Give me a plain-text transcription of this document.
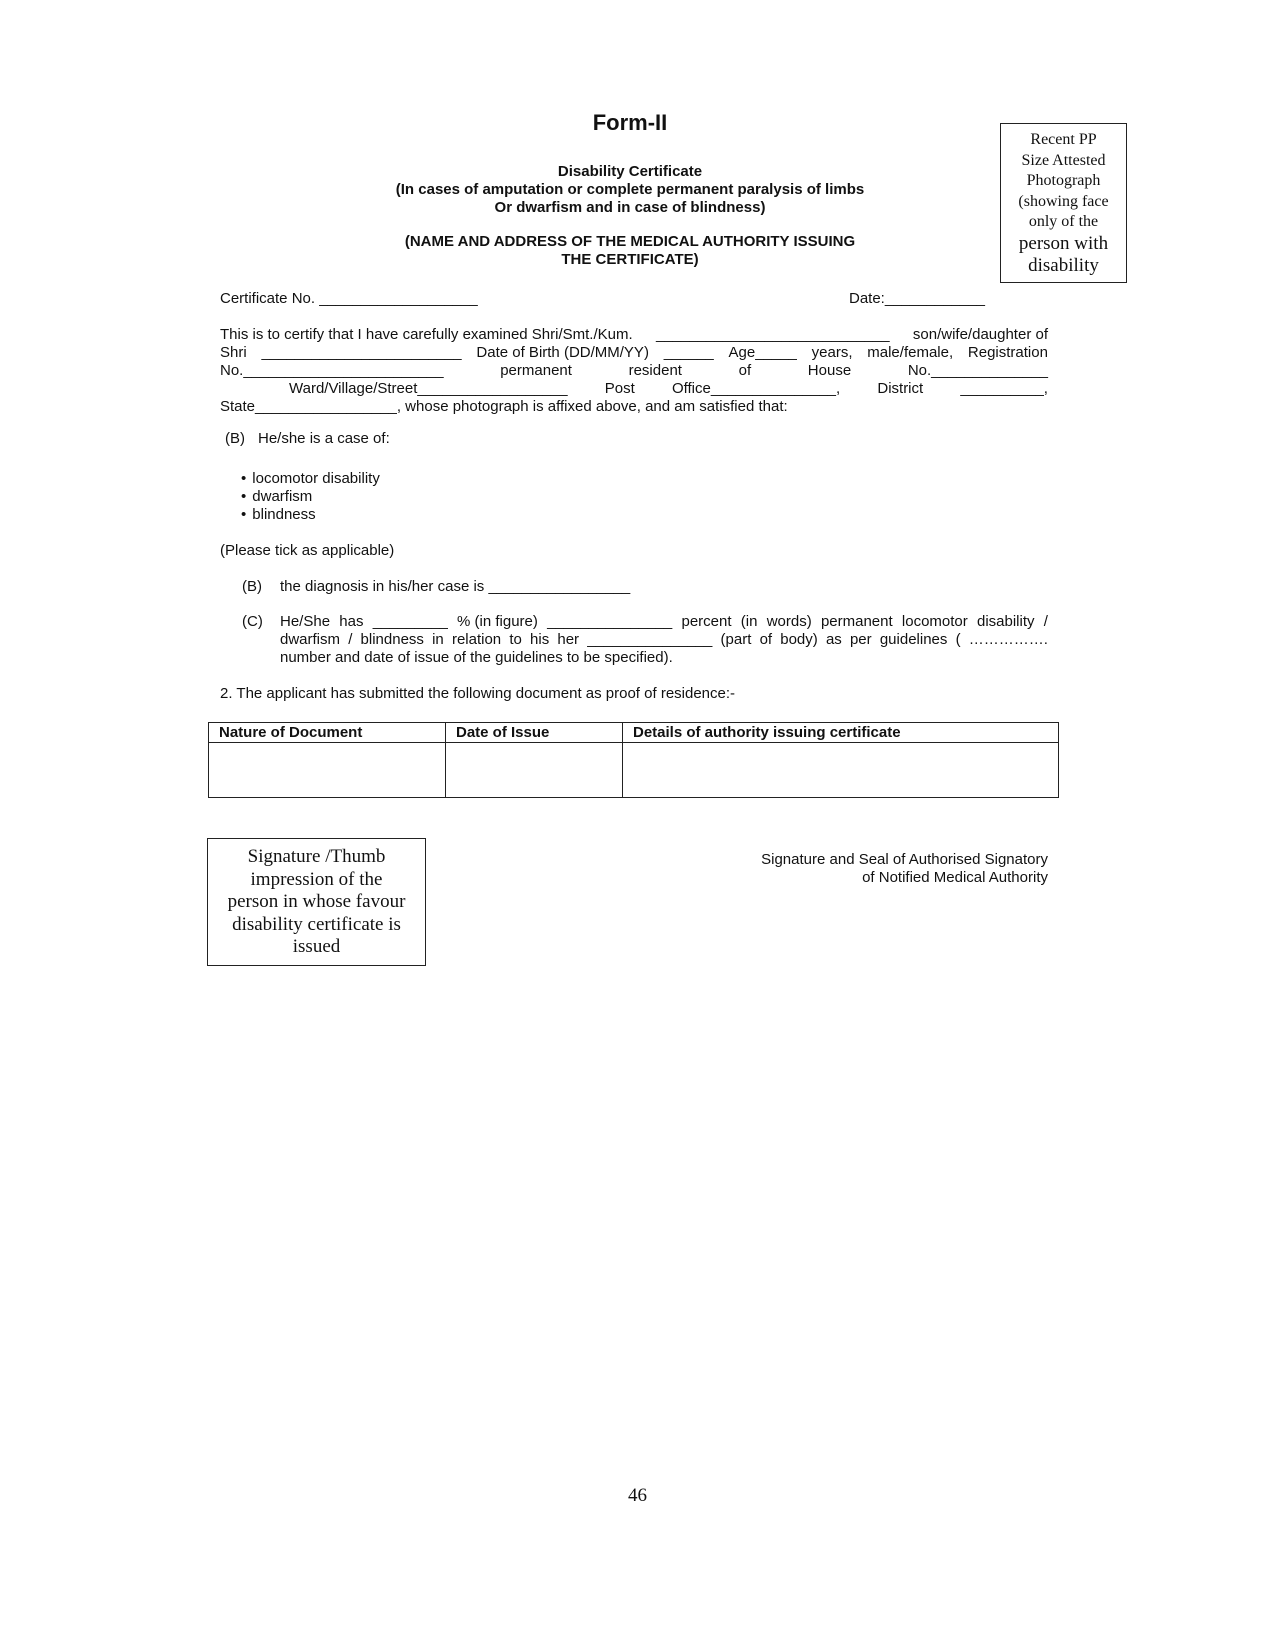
Form-II
Recent PP
Size Attested
Photograph
(showing face
only of the
person with
disability
Disability Certificate
(In cases of amputation or complete permanent paralysis of limbs
Or dwarfism and in case of blindness)
(NAME AND ADDRESS OF THE MEDICAL AUTHORITY ISSUING
THE CERTIFICATE)
Certificate No. ___________________	Date:____________
This is to certify that I have carefully examined Shri/Smt./Kum. ____________________________ son/wife/daughter of
Shri ________________________ Date of Birth (DD/MM/YY) ______ Age_____ years, male/female, Registration
No.________________________	permanent	resident	of	House	No.______________
Ward/Village/Street__________________ Post Office_______________, District __________,
State_________________, whose photograph is affixed above, and am satisfied that:
(B) He/she is a case of:
• locomotor disability
• dwarfism
• blindness
(Please tick as applicable)
(B) the diagnosis in his/her case is _________________
(C) He/She has _________ % (in figure) _______________ percent (in words) permanent locomotor disability /
dwarfism / blindness in relation to his her _______________ (part of body) as per guidelines ( …………….
number and date of issue of the guidelines to be specified).
2. The applicant has submitted the following document as proof of residence:-
Nature of Document	Date of Issue	Details of authority issuing certificate

Signature /Thumb
impression of the
person in whose favour
disability certificate is
issued
Signature and Seal of Authorised Signatory
of Notified Medical Authority
46
